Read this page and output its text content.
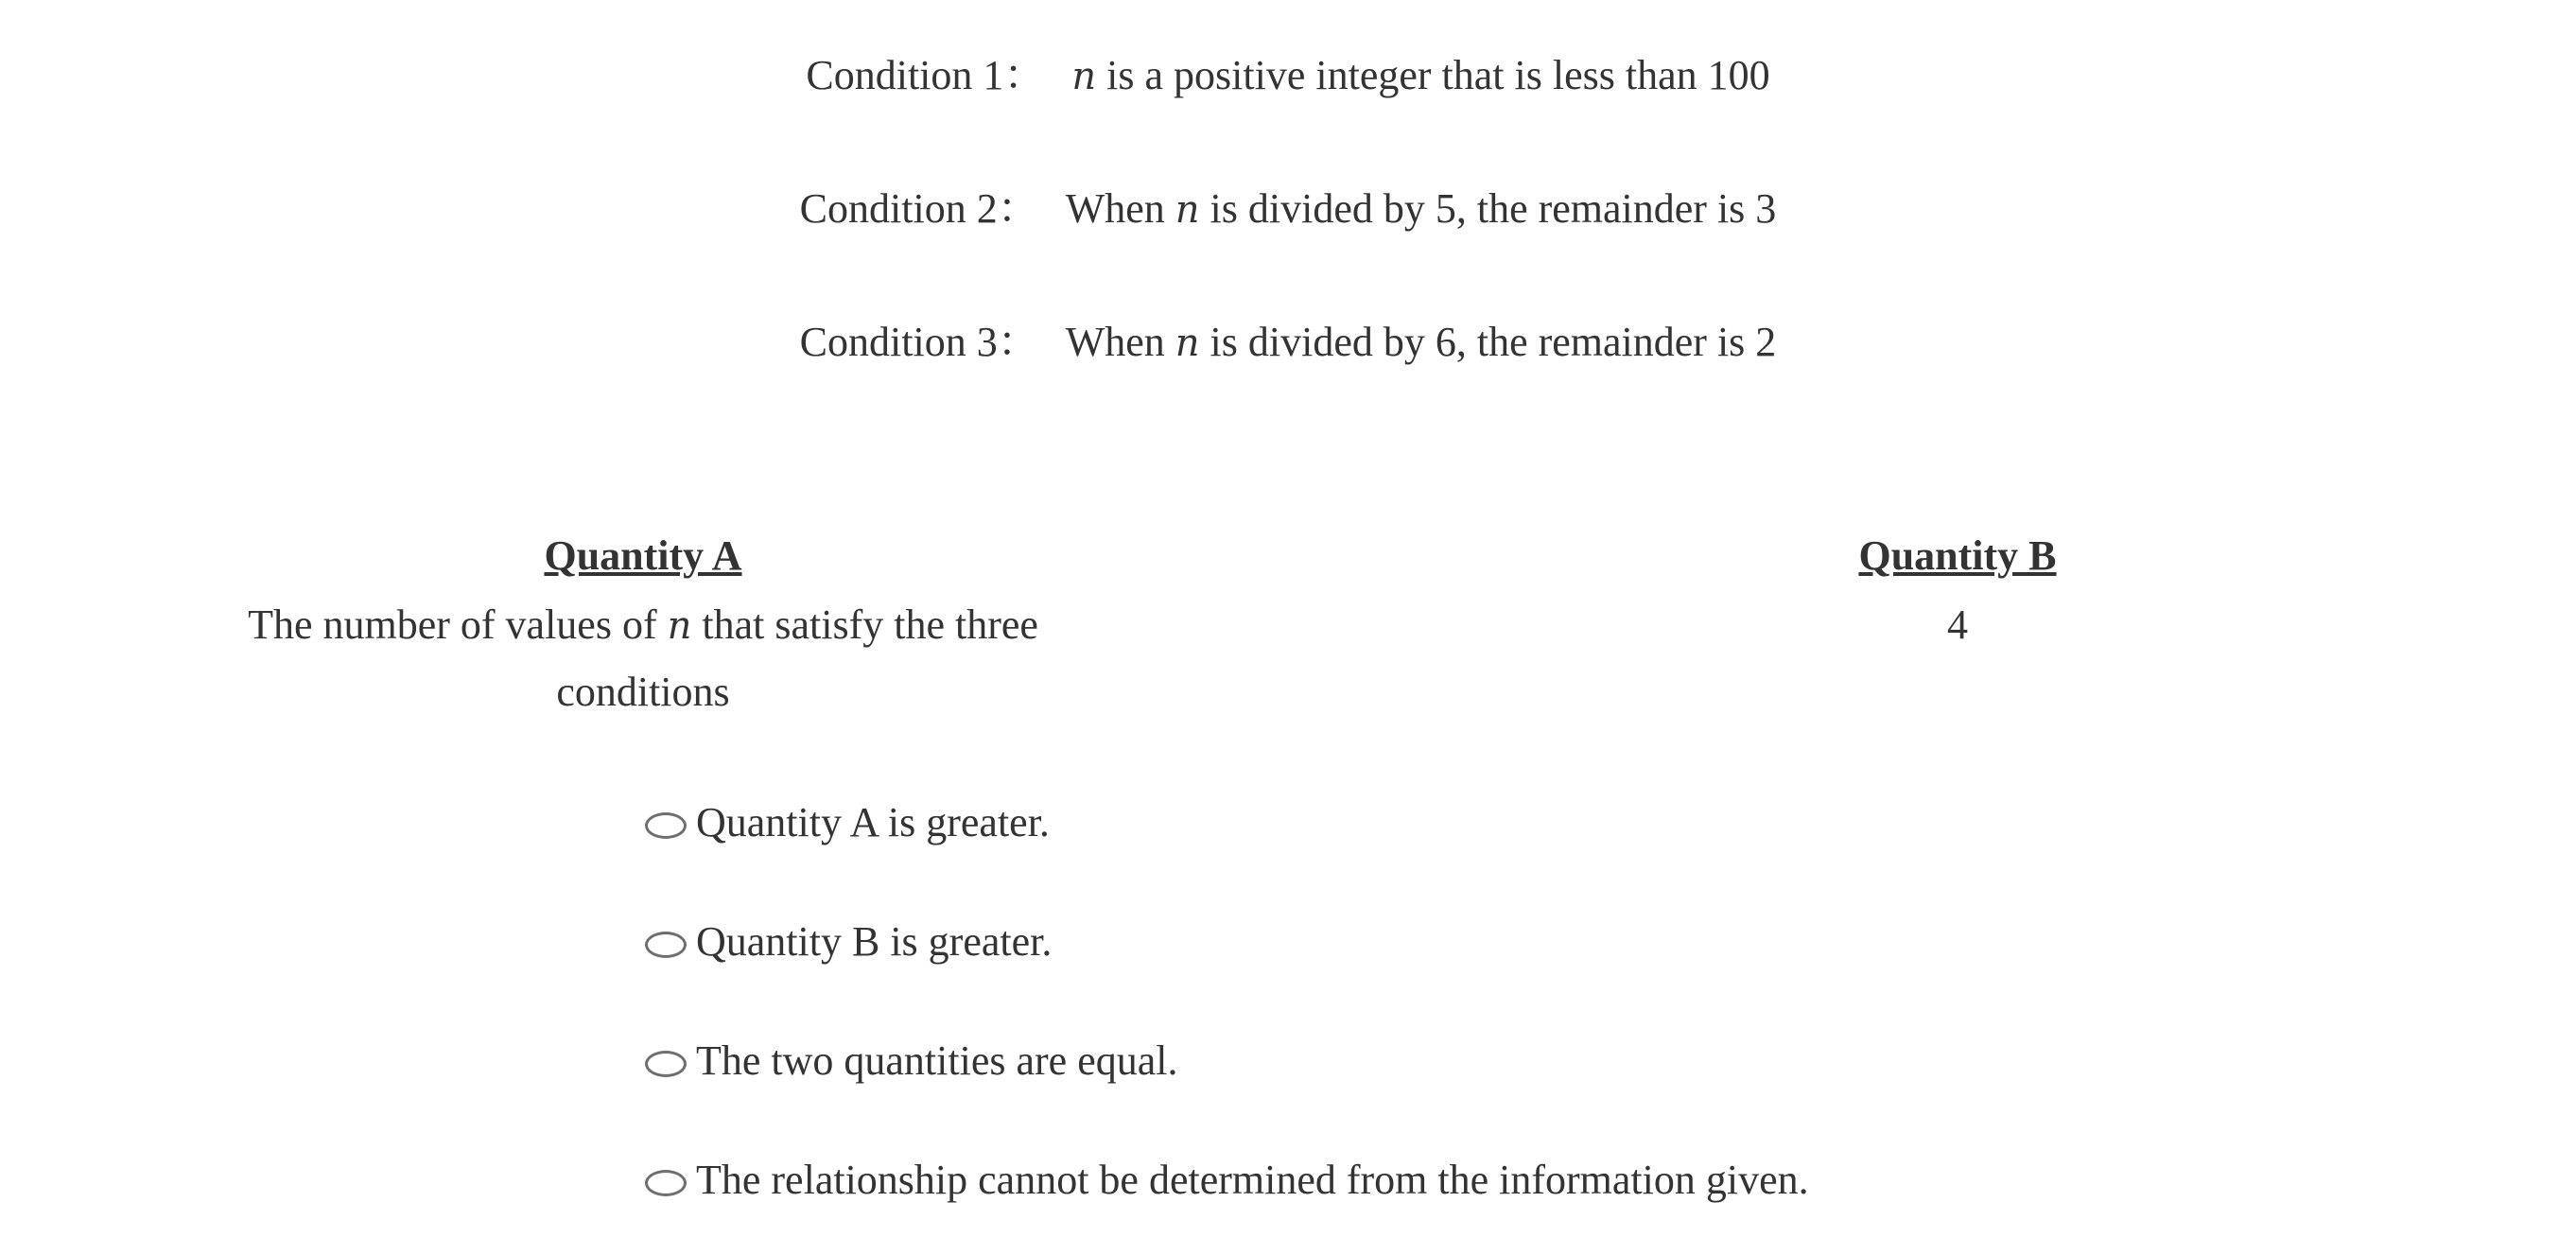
Condition 1： n is a positive integer that is less than 100
Condition 2： When n is divided by 5, the remainder is 3
Condition 3： When n is divided by 6, the remainder is 2
Quantity A
The number of values of n that satisfy the three conditions
Quantity B
4
Quantity A is greater.
Quantity B is greater.
The two quantities are equal.
The relationship cannot be determined from the information given.
